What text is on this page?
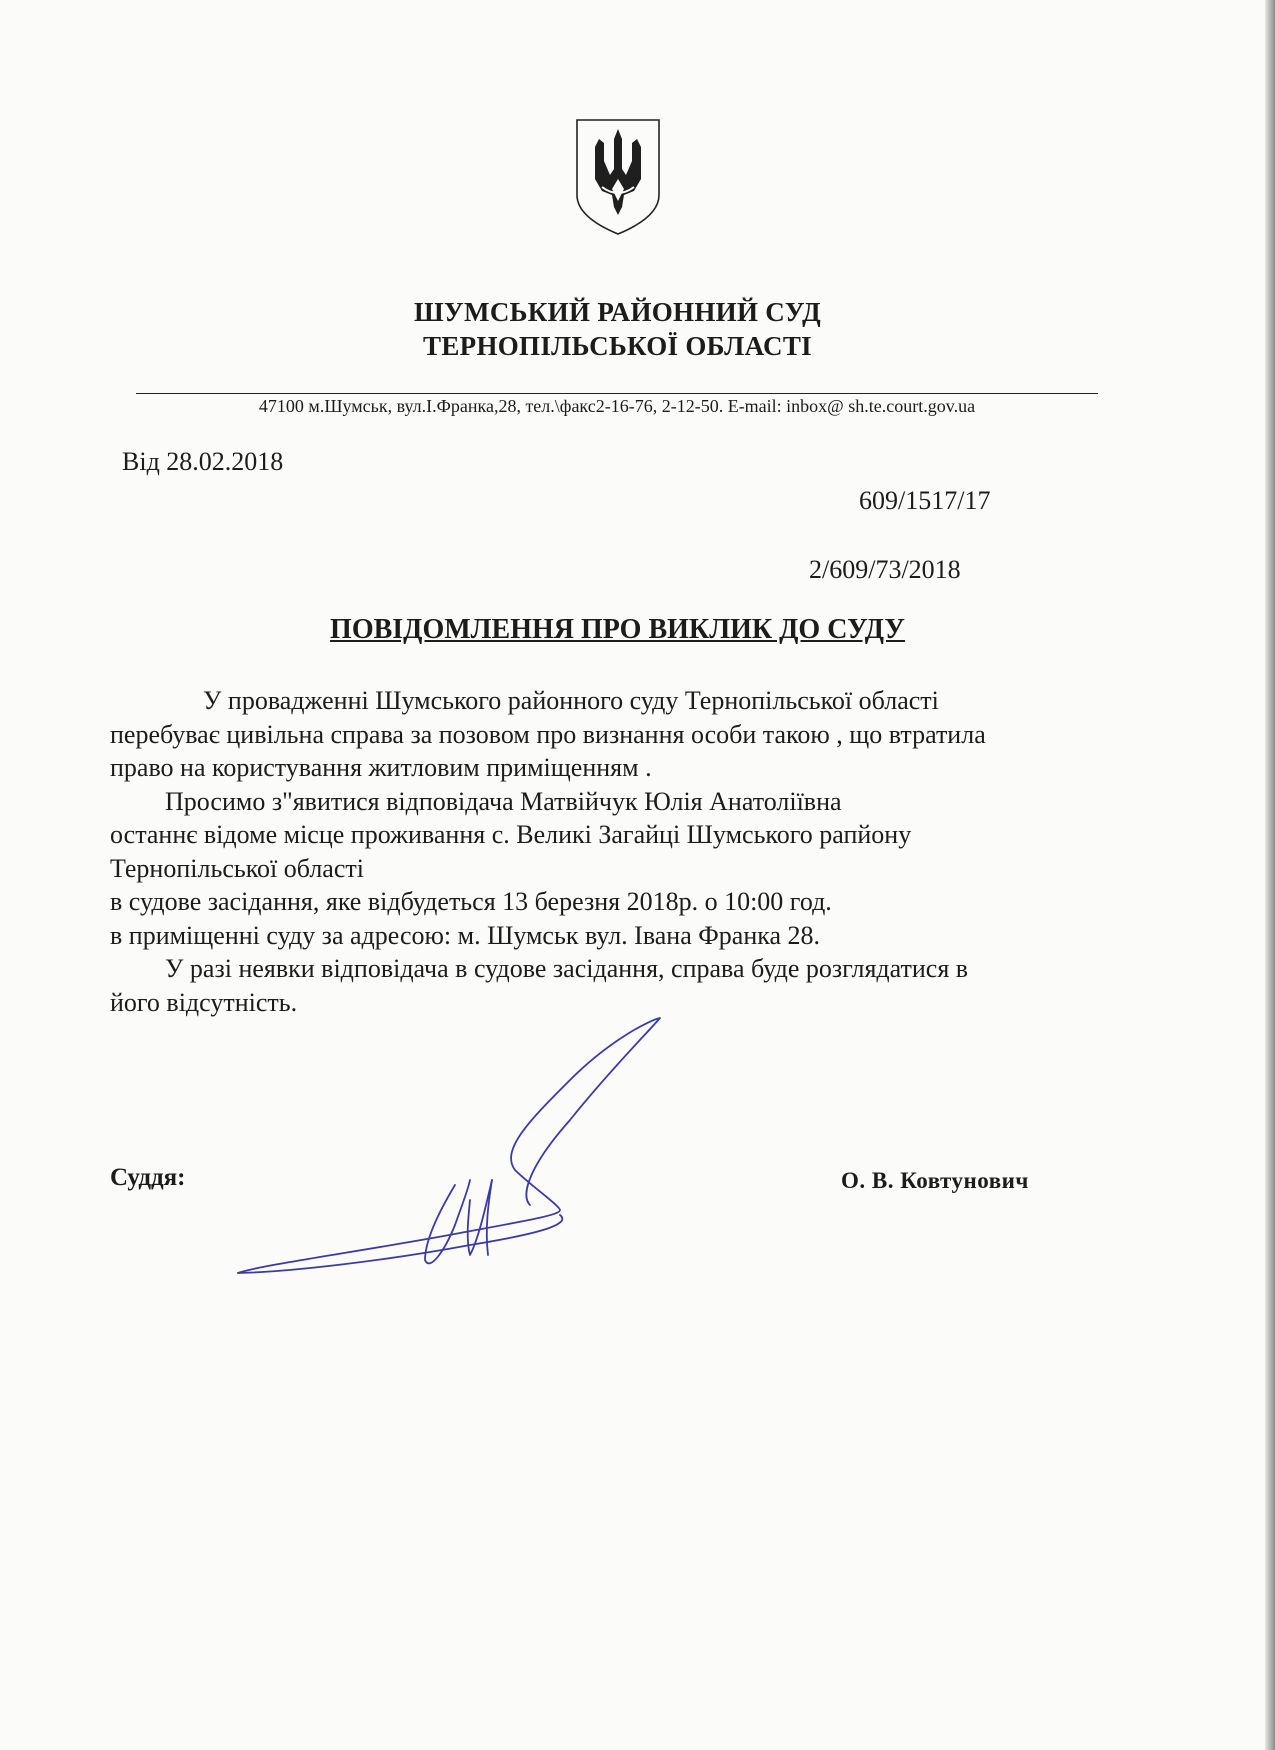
ШУМСЬКИЙ РАЙОННИЙ СУД
ТЕРНОПІЛЬСЬКОЇ ОБЛАСТІ
47100 м.Шумськ, вул.І.Франка,28, тел.\факс2-16-76, 2-12-50. E-mail: inbox@ sh.te.court.gov.ua
Від 28.02.2018
609/1517/17
2/609/73/2018
ПОВІДОМЛЕННЯ ПРО ВИКЛИК ДО СУДУ

У провадженні Шумського районного суду Тернопільської області

перебуває цивільна справа за позовом про визнання особи такою , що втратила

право на користування житловим приміщенням .

Просимо з"явитися відповідача Матвійчук Юлія Анатоліївна

останнє відоме місце проживання с. Великі Загайці Шумського рапйону

Тернопільської області

в судове засідання, яке відбудеться 13 березня 2018р. о 10:00 год.

в приміщенні суду за адресою: м. Шумськ вул. Івана Франка 28.

У разі неявки відповідача в судове засідання, справа буде розглядатися в

його відсутність.

Суддя:	О. В. Ковтунович
